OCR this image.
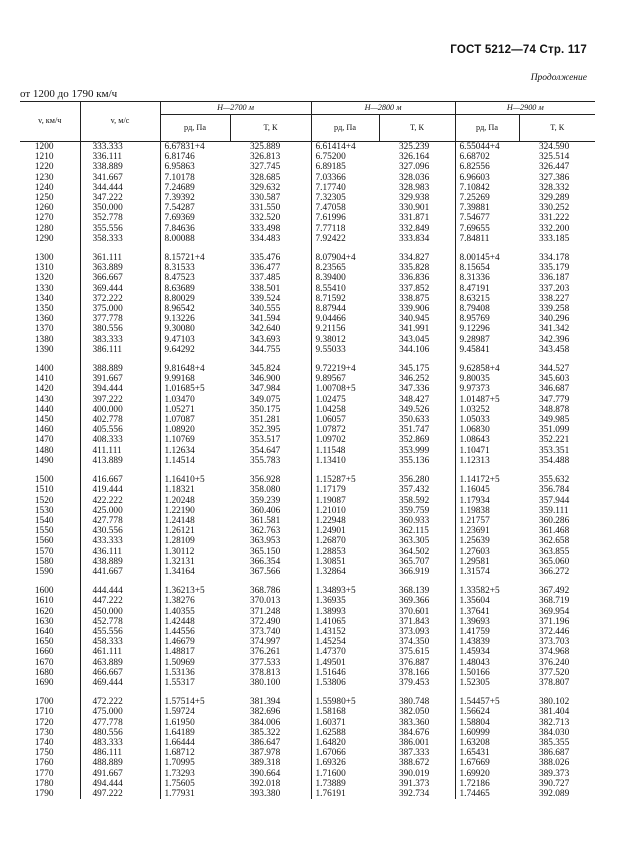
ГОСТ 5212—74 Стр. 117
Продолжение
от 1200 до 1790 км/ч
v, км/ч	v, м/с	H—2700 м		H—2800 м		H—2900 м	
		pд, Па	T, К	pд, Па	T, К	pд, Па	T, К
1200	333.333	6.67831+4	325.889	6.61414+4	325.239	6.55044+4	324.590
1210	336.111	6.81746	326.813	6.75200	326.164	6.68702	325.514
1220	338.889	6.95863	327.745	6.89185	327.096	6.82556	326.447
1230	341.667	7.10178	328.685	7.03366	328.036	6.96603	327.386
1240	344.444	7.24689	329.632	7.17740	328.983	7.10842	328.332
1250	347.222	7.39392	330.587	7.32305	329.938	7.25269	329.289
1260	350.000	7.54287	331.550	7.47058	330.901	7.39881	330.252
1270	352.778	7.69369	332.520	7.61996	331.871	7.54677	331.222
1280	355.556	7.84636	333.498	7.77118	332.849	7.69655	332.200
1290	358.333	8.00088	334.483	7.92422	333.834	7.84811	333.185

1300	361.111	8.15721+4	335.476	8.07904+4	334.827	8.00145+4	334.178
1310	363.889	8.31533	336.477	8.23565	335.828	8.15654	335.179
1320	366.667	8.47523	337.485	8.39400	336.836	8.31336	336.187
1330	369.444	8.63689	338.501	8.55410	337.852	8.47191	337.203
1340	372.222	8.80029	339.524	8.71592	338.875	8.63215	338.227
1350	375.000	8.96542	340.555	8.87944	339.906	8.79408	339.258
1360	377.778	9.13226	341.594	9.04466	340.945	8.95769	340.296
1370	380.556	9.30080	342.640	9.21156	341.991	9.12296	341.342
1380	383.333	9.47103	343.693	9.38012	343.045	9.28987	342.396
1390	386.111	9.64292	344.755	9.55033	344.106	9.45841	343.458

1400	388.889	9.81648+4	345.824	9.72219+4	345.175	9.62858+4	344.527
1410	391.667	9.99168	346.900	9.89567	346.252	9.80035	345.603
1420	394.444	1.01685+5	347.984	1.00708+5	347.336	9.97373	346.687
1430	397.222	1.03470	349.075	1.02475	348.427	1.01487+5	347.779
1440	400.000	1.05271	350.175	1.04258	349.526	1.03252	348.878
1450	402.778	1.07087	351.281	1.06057	350.633	1.05033	349.985
1460	405.556	1.08920	352.395	1.07872	351.747	1.06830	351.099
1470	408.333	1.10769	353.517	1.09702	352.869	1.08643	352.221
1480	411.111	1.12634	354.647	1.11548	353.999	1.10471	353.351
1490	413.889	1.14514	355.783	1.13410	355.136	1.12313	354.488

1500	416.667	1.16410+5	356.928	1.15287+5	356.280	1.14172+5	355.632
1510	419.444	1.18321	358.080	1.17179	357.432	1.16045	356.784
1520	422.222	1.20248	359.239	1.19087	358.592	1.17934	357.944
1530	425.000	1.22190	360.406	1.21010	359.759	1.19838	359.111
1540	427.778	1.24148	361.581	1.22948	360.933	1.21757	360.286
1550	430.556	1.26121	362.763	1.24901	362.115	1.23691	361.468
1560	433.333	1.28109	363.953	1.26870	363.305	1.25639	362.658
1570	436.111	1.30112	365.150	1.28853	364.502	1.27603	363.855
1580	438.889	1.32131	366.354	1.30851	365.707	1.29581	365.060
1590	441.667	1.34164	367.566	1.32864	366.919	1.31574	366.272

1600	444.444	1.36213+5	368.786	1.34893+5	368.139	1.33582+5	367.492
1610	447.222	1.38276	370.013	1.36935	369.366	1.35604	368.719
1620	450.000	1.40355	371.248	1.38993	370.601	1.37641	369.954
1630	452.778	1.42448	372.490	1.41065	371.843	1.39693	371.196
1640	455.556	1.44556	373.740	1.43152	373.093	1.41759	372.446
1650	458.333	1.46679	374.997	1.45254	374.350	1.43839	373.703
1660	461.111	1.48817	376.261	1.47370	375.615	1.45934	374.968
1670	463.889	1.50969	377.533	1.49501	376.887	1.48043	376.240
1680	466.667	1.53136	378.813	1.51646	378.166	1.50166	377.520
1690	469.444	1.55317	380.100	1.53806	379.453	1.52305	378.807

1700	472.222	1.57514+5	381.394	1.55980+5	380.748	1.54457+5	380.102
1710	475.000	1.59724	382.696	1.58168	382.050	1.56624	381.404
1720	477.778	1.61950	384.006	1.60371	383.360	1.58804	382.713
1730	480.556	1.64189	385.322	1.62588	384.676	1.60999	384.030
1740	483.333	1.66444	386.647	1.64820	386.001	1.63208	385.355
1750	486.111	1.68712	387.978	1.67066	387.333	1.65431	386.687
1760	488.889	1.70995	389.318	1.69326	388.672	1.67669	388.026
1770	491.667	1.73293	390.664	1.71600	390.019	1.69920	389.373
1780	494.444	1.75605	392.018	1.73889	391.373	1.72186	390.727
1790	497.222	1.77931	393.380	1.76191	392.734	1.74465	392.089
